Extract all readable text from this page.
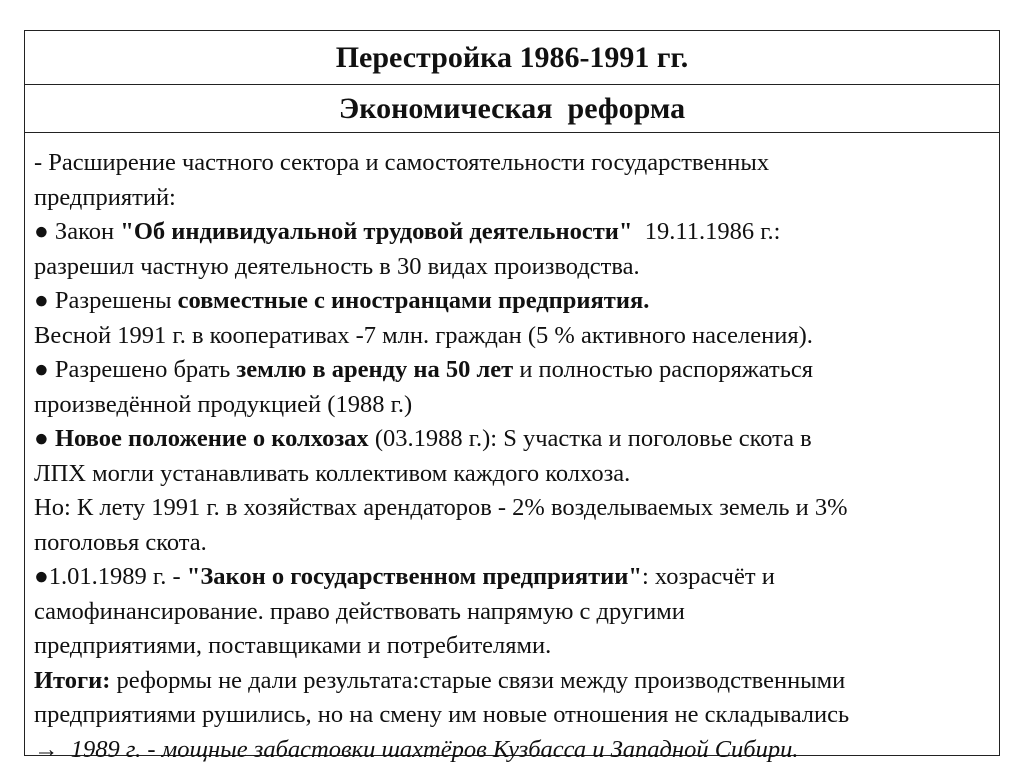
Перестройка 1986-1991 гг.
Экономическая  реформа
- Расширение частного сектора и самостоятельности государственных
предприятий:
● Закон "Об индивидуальной трудовой деятельности"  19.11.1986 г.:
разрешил частную деятельность в 30 видах производства.
● Разрешены совместные с иностранцами предприятия.
Весной 1991 г. в кооперативах -7 млн. граждан (5 % активного населения).
● Разрешено брать землю в аренду на 50 лет и полностью распоряжаться
произведённой продукцией (1988 г.)
● Новое положение о колхозах (03.1988 г.): S участка и поголовье скота в
ЛПХ могли устанавливать коллективом каждого колхоза.
Но: К лету 1991 г. в хозяйствах арендаторов - 2% возделываемых земель и 3%
поголовья скота.
●1.01.1989 г. - "Закон о государственном предприятии": хозрасчёт и
самофинансирование. право действовать напрямую с другими
предприятиями, поставщиками и потребителями.
Итоги: реформы не дали результата:старые связи между производственными
предприятиями рушились, но на смену им новые отношения не складывались
→  1989 г. - мощные забастовки шахтёров Кузбасса и Западной Сибири.
